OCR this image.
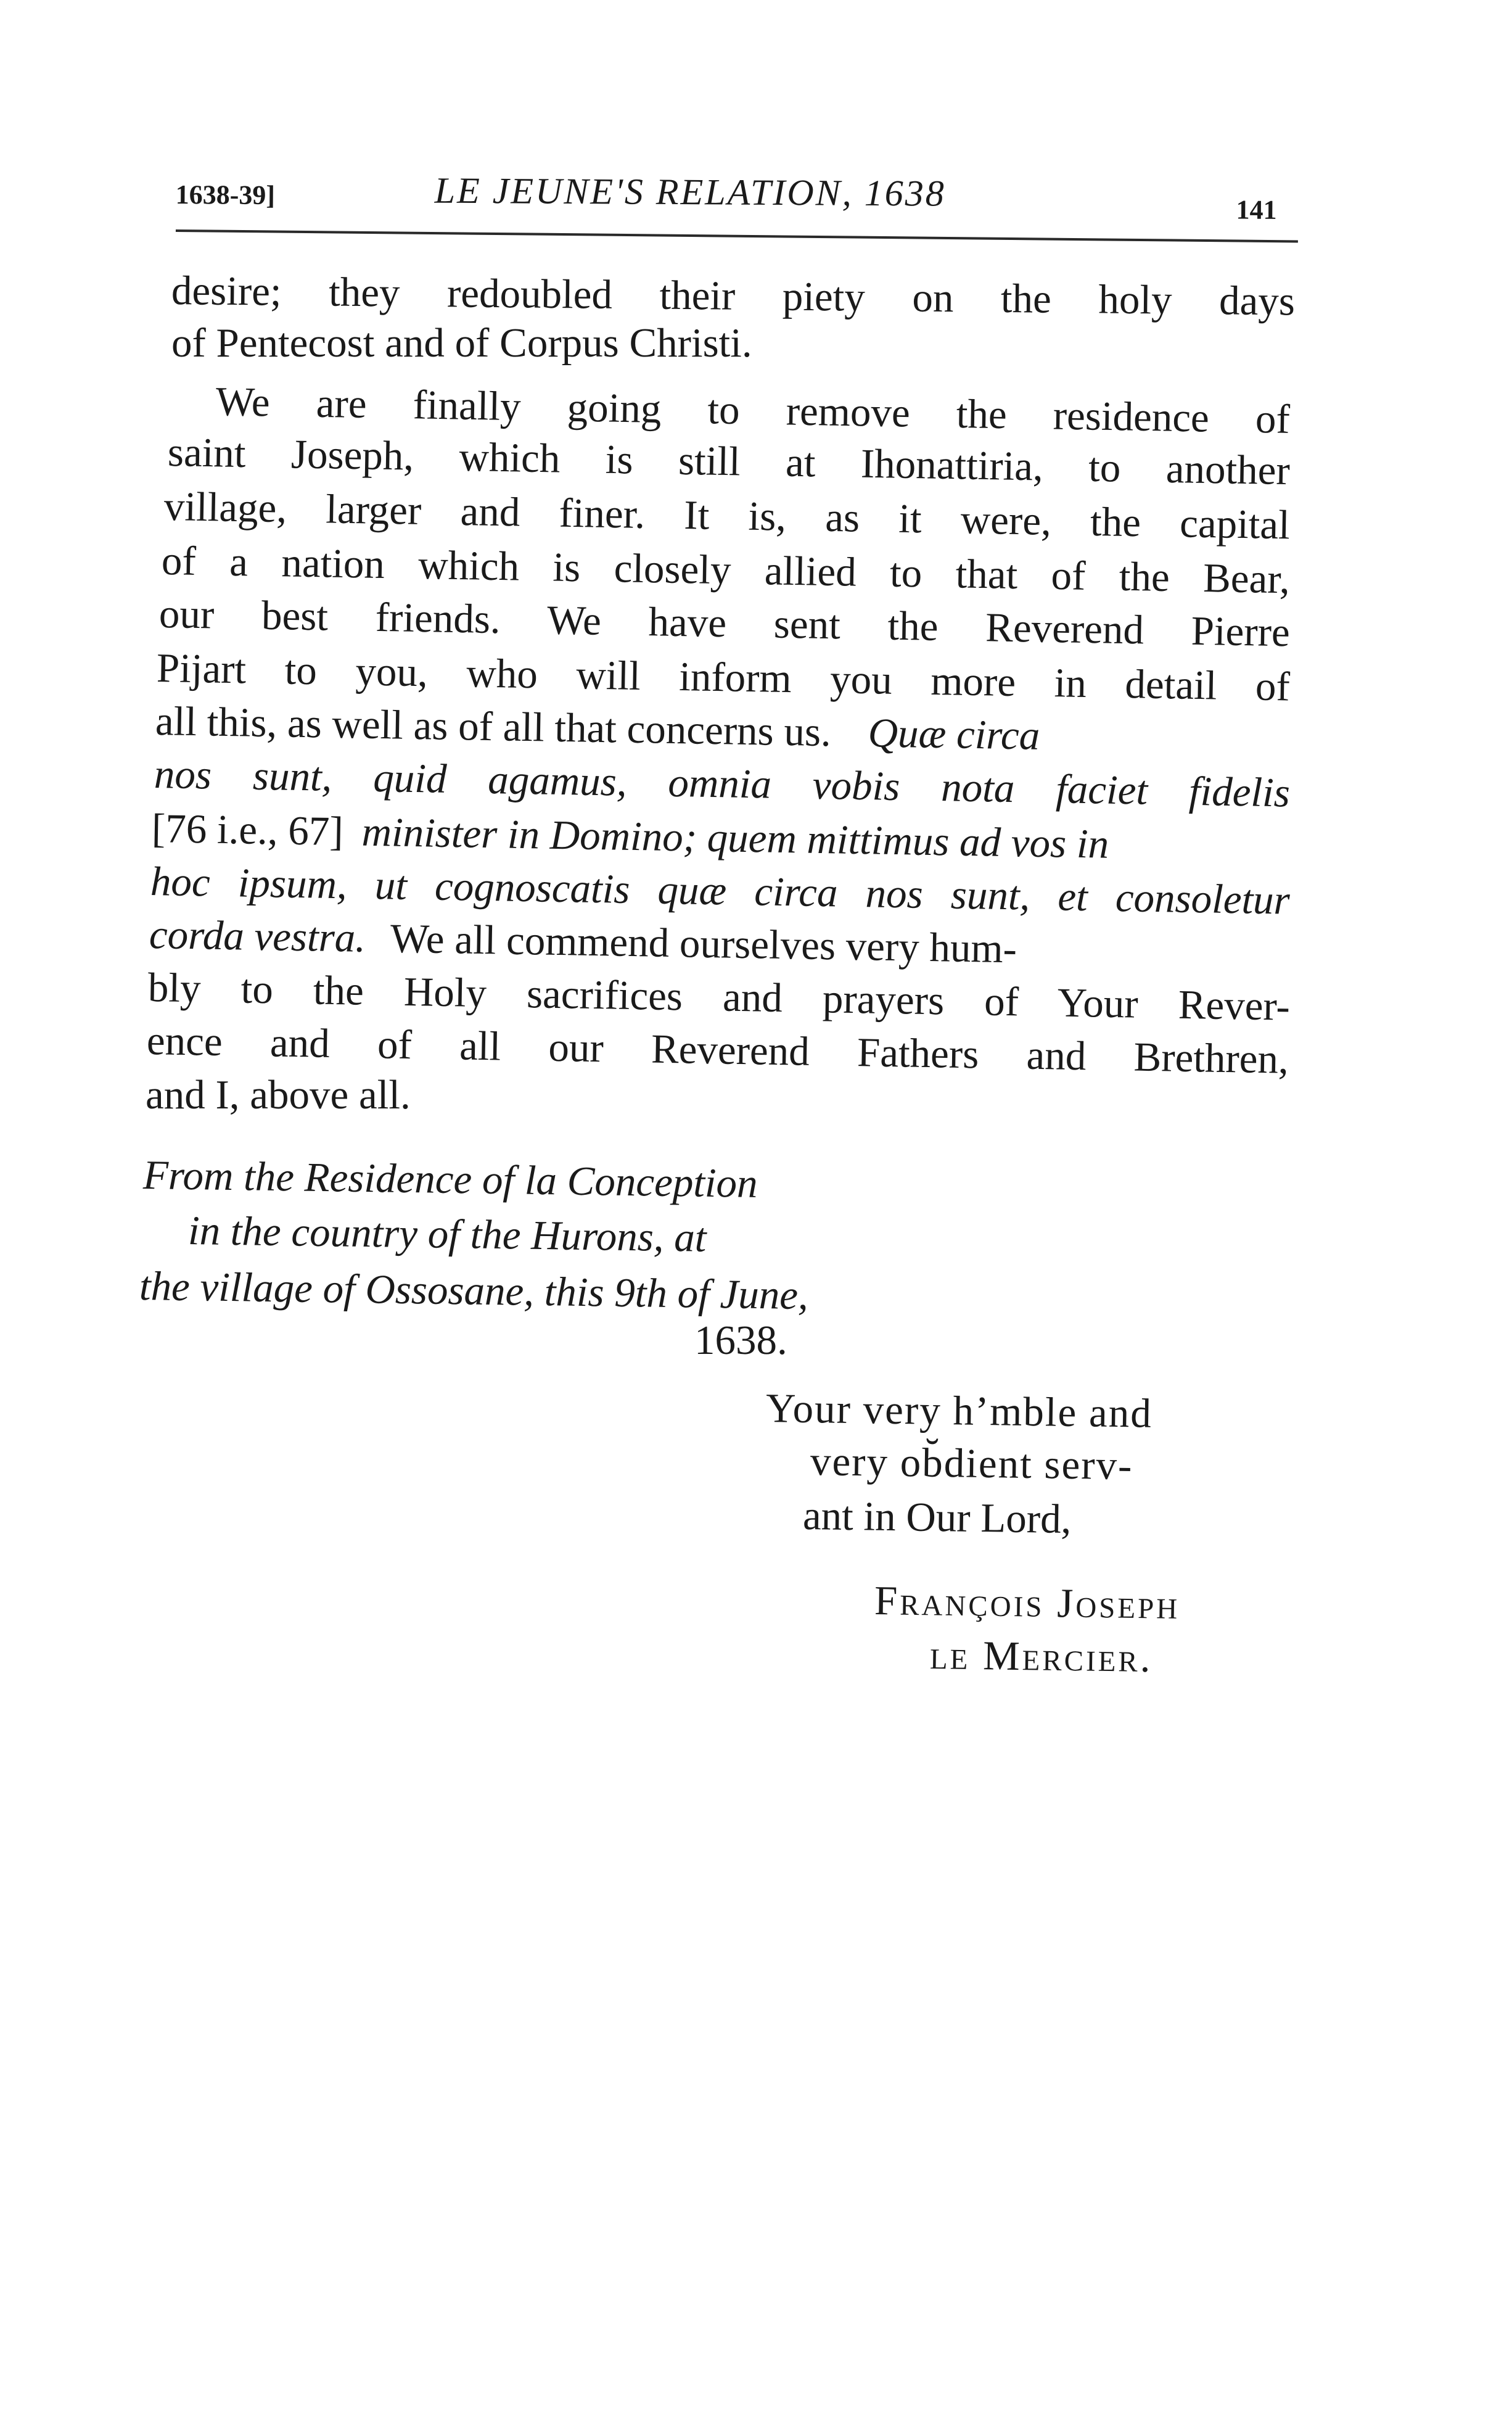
1638-39]	LE JEUNE'S RELATION, 1638	141
desire; they redoubled their piety on the holy days
of Pentecost and of Corpus Christi.
We are finally going to remove the residence of
saint Joseph, which is still at Ihonattiria, to another
village, larger and finer. It is, as it were, the capital
of a nation which is closely allied to that of the Bear,
our best friends. We have sent the Reverend Pierre
Pijart to you, who will inform you more in detail of
all this, as well as of all that concerns us. Quæ circa
nos sunt, quid agamus, omnia vobis nota faciet fidelis
[76 i.e., 67] minister in Domino; quem mittimus ad vos in
hoc ipsum, ut cognoscatis quæ circa nos sunt, et consoletur
corda vestra. We all commend ourselves very hum-
bly to the Holy sacrifices and prayers of Your Rever-
ence and of all our Reverend Fathers and Brethren,
and I, above all.
From the Residence of la Conception
in the country of the Hurons, at
the village of Ossosane, this 9th of June,
1638.
Your very h’mble and
very ob̆dient serv-
ant in Our Lord,
François Joseph
le Mercier.
